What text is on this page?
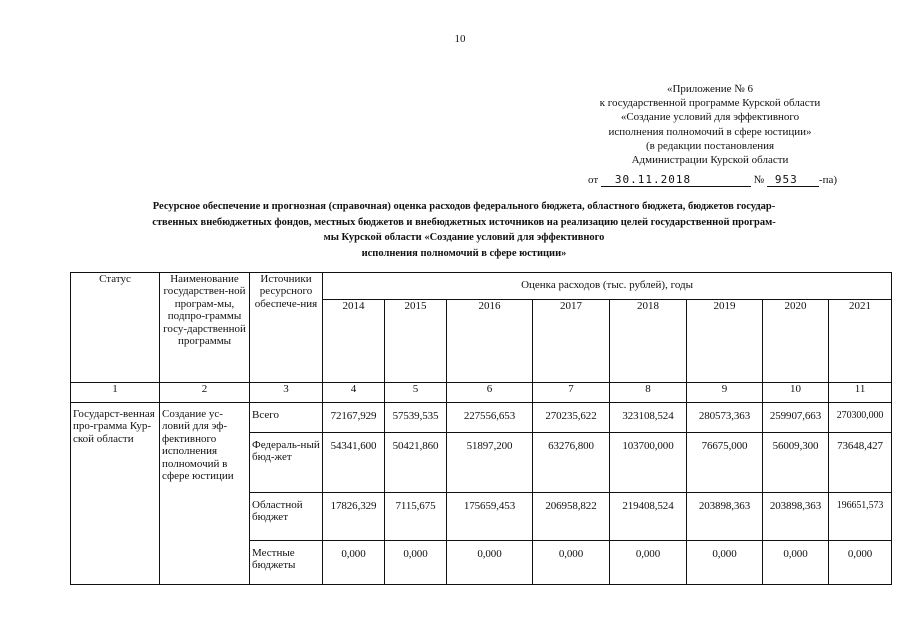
10
«Приложение № 6
к государственной программе Курской области
«Создание условий для эффективного
исполнения полномочий в сфере юстиции»
(в редакции постановления
Администрации Курской области
от 30.11.2018	№ 953 -па)
Ресурсное обеспечение и прогнозная (справочная) оценка расходов федерального бюджета, областного бюджета, бюджетов государ-
ственных внебюджетных фондов, местных бюджетов и внебюджетных источников на реализацию целей государственной програм-
мы Курской области «Создание условий для эффективного
исполнения полномочий в сфере юстиции»
Статус	Наименование государствен-ной програм-мы, подпро-граммы госу-дарственной программы	Источники ресурсного обеспече-ния	Оценка расходов (тыс. рублей), годы							
			2014	2015	2016	2017	2018	2019	2020	2021
1	2	3	4	5	6	7	8	9	10	11
Государст-венная про-грамма Кур-ской области	Создание ус-ловий для эф-фективного исполнения полномочий в сфере юстиции	Всего	72167,929	57539,535	227556,653	270235,622	323108,524	280573,363	259907,663	270300,000
		Федераль-ный бюд-жет	54341,600	50421,860	51897,200	63276,800	103700,000	76675,000	56009,300	73648,427
		Областной бюджет	17826,329	7115,675	175659,453	206958,822	219408,524	203898,363	203898,363	196651,573
		Местные бюджеты	0,000	0,000	0,000	0,000	0,000	0,000	0,000	0,000
